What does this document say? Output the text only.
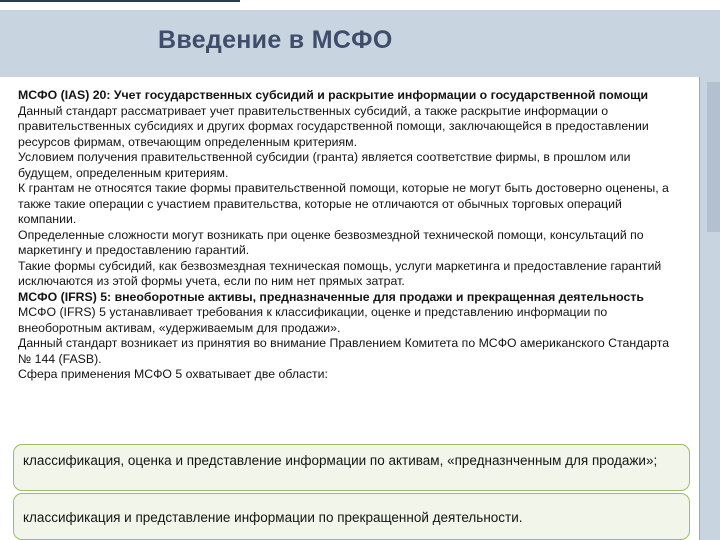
Введение в МСФО

МСФО (IAS) 20: Учет государственных субсидий и раскрытие информации о государственной помощи

Данный стандарт рассматривает учет правительственных субсидий, а также раскрытие информации о правительственных субсидиях и других формах государственной помощи, заключающейся в предоставлении ресурсов фирмам, отвечающим определенным критериям.

Условием получения правительственной субсидии (гранта) является соответствие фирмы, в прошлом или будущем, определенным критериям.

К грантам не относятся такие формы правительственной помощи, которые не могут быть достоверно оценены, а также такие операции с участием правительства, которые не отличаются от обычных торговых операций компании.

Определенные сложности могут возникать при оценке безвозмездной технической помощи, консультаций по маркетингу и предоставлению гарантий.

Такие формы субсидий, как безвозмездная техническая помощь, услуги маркетинга и предоставление гарантий исключаются из этой формы учета, если по ним нет прямых затрат.

МСФО (IFRS) 5: внеоборотные активы, предназначенные для продажи и прекращенная деятельность

МСФО (IFRS) 5 устанавливает требования к классификации, оценке и представлению информации по внеоборотным активам, «удерживаемым для продажи».

Данный стандарт возникает из принятия во внимание Правлением Комитета по МСФО американского Стандарта № 144 (FASB).

Сфера применения МСФО 5 охватывает две области:

классификация, оценка и представление информации по активам, «предназнченным для продажи»;
классификация и представление информации по прекращенной деятельности.
